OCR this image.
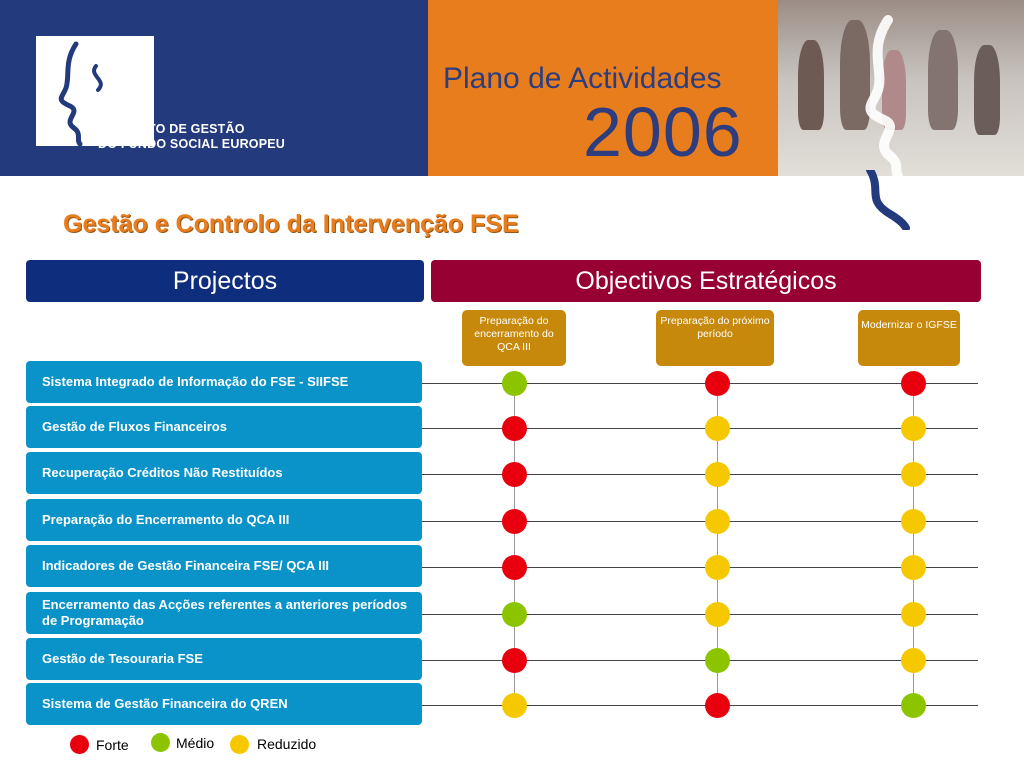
INSTITUTO DE GESTÃO
DO FUNDO SOCIAL EUROPEU
Plano de Actividades
2006
Gestão e Controlo da Intervenção FSE
Projectos	Objectivos Estratégicos
Preparação do encerramento do QCA III
Preparação do próximo período
Modernizar o IGFSE
Sistema Integrado de Informação do FSE - SIIFSE
Gestão de Fluxos Financeiros
Recuperação Créditos Não Restituídos
Preparação do Encerramento do QCA III
Indicadores de Gestão Financeira FSE/ QCA III
Encerramento das Acções referentes a anteriores períodos de Programação
Gestão de Tesouraria FSE
Sistema de Gestão Financeira do QREN
Forte	Médio	Reduzido
